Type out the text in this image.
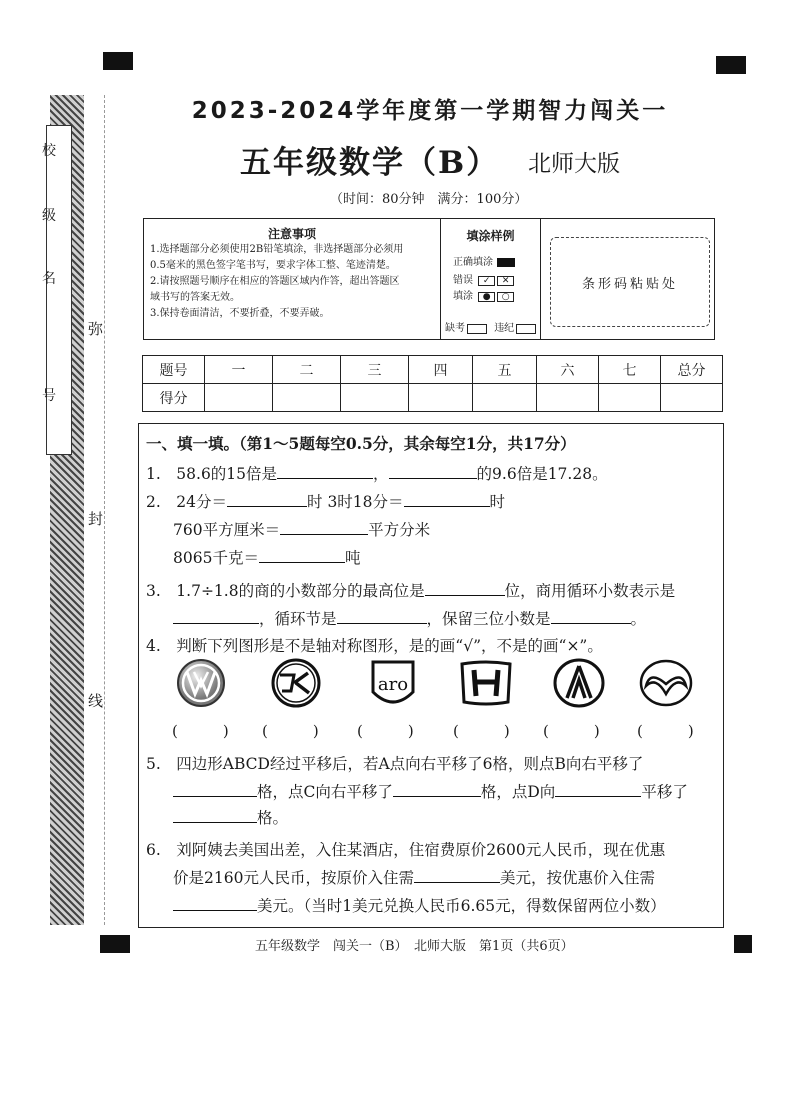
校
级
名
号
弥
封
线
2023-2024学年度第一学期智力闯关一
五年级数学（B） 北师大版
（时间：80分钟　满分：100分）
注意事项
1.选择题部分必须使用2B铅笔填涂，非选择题部分必须用
0.5毫米的黑色签字笔书写，要求字体工整、笔迹清楚。
2.请按照题号顺序在相应的答题区域内作答，超出答题区
域书写的答案无效。
3.保持卷面清洁，不要折叠，不要弄破。
填涂样例
正确填涂
错误 ✓ ✕
填涂 ● ○
缺考	违纪
条形码粘贴处
题号	一	二	三	四	五	六	七	总分
得分								
一、填一填。（第1～5题每空0.5分，其余每空1分，共17分）
1.　58.6的15倍是	，	的9.6倍是17.28。
2.　24分＝	时 3时18分＝	时
760平方厘米＝	平方分米
8065千克＝	吨
3.　1.7÷1.8的商的小数部分的最高位是	位，商用循环小数表示是
，循环节是	，保留三位小数是	。
4.　判断下列图形是不是轴对称图形，是的画“√”，不是的画“×”。
aro
(　　　) (　　　)	(　　　)	(　　　) (　　　) (　　　)
5.　四边形ABCD经过平移后，若A点向右平移了6格，则点B向右平移了
格，点C向右平移了	格，点D向	平移了
格。
6.　刘阿姨去美国出差，入住某酒店，住宿费原价2600元人民币，现在优惠
价是2160元人民币，按原价入住需	美元，按优惠价入住需
美元。（当时1美元兑换人民币6.65元，得数保留两位小数）
五年级数学　闯关一（B）　北师大版　第1页（共6页）
